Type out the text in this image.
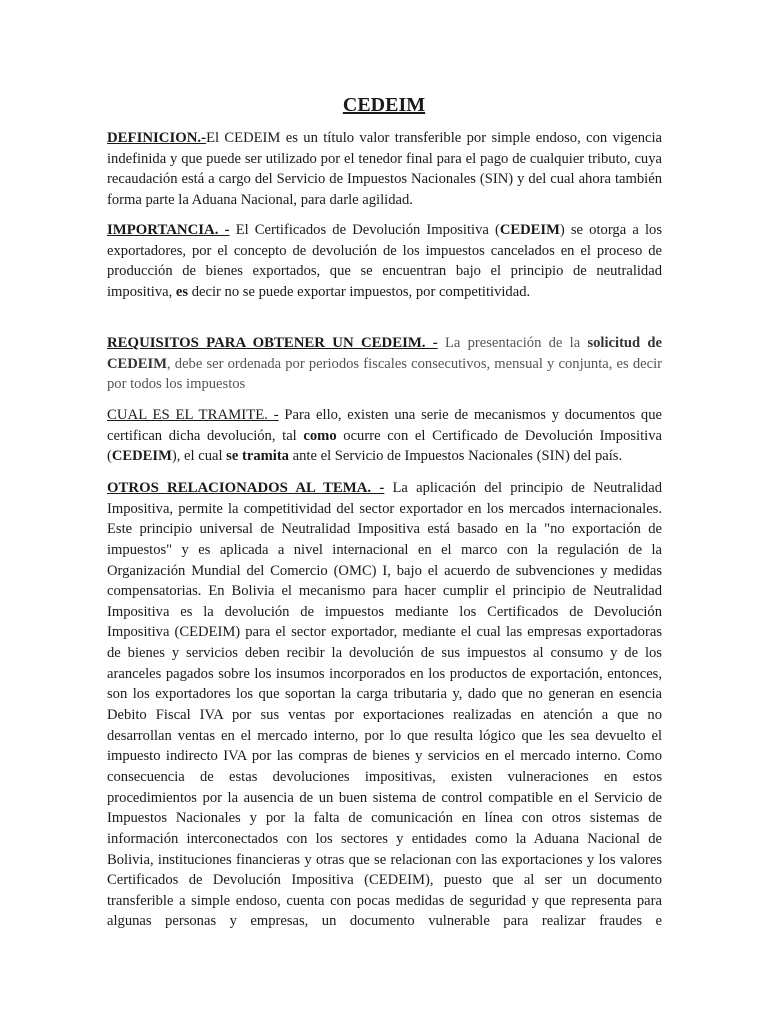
CEDEIM

DEFINICION.-El CEDEIM es un título valor transferible por simple endoso, con vigencia indefinida y que puede ser utilizado por el tenedor final para el pago de cualquier tributo, cuya recaudación está a cargo del Servicio de Impuestos Nacionales (SIN) y del cual ahora también forma parte la Aduana Nacional, para darle agilidad.

IMPORTANCIA. - El Certificados de Devolución Impositiva (CEDEIM) se otorga a los exportadores, por el concepto de devolución de los impuestos cancelados en el proceso de producción de bienes exportados, que se encuentran bajo el principio de neutralidad impositiva, es decir no se puede exportar impuestos, por competitividad.

REQUISITOS PARA OBTENER UN CEDEIM. - La presentación de la solicitud de CEDEIM, debe ser ordenada por periodos fiscales consecutivos, mensual y conjunta, es decir por todos los impuestos

CUAL ES EL TRAMITE. - Para ello, existen una serie de mecanismos y documentos que certifican dicha devolución, tal como ocurre con el Certificado de Devolución Impositiva (CEDEIM), el cual se tramita ante el Servicio de Impuestos Nacionales (SIN) del país.

OTROS RELACIONADOS AL TEMA. - La aplicación del principio de Neutralidad
Impositiva, permite la competitividad del sector exportador en los mercados internacionales.
Este principio universal de Neutralidad Impositiva está basado en la "no exportación de
impuestos" y es aplicada a nivel internacional en el marco con la regulación de la
Organización Mundial del Comercio (OMC) I, bajo el acuerdo de subvenciones y medidas
compensatorias. En Bolivia el mecanismo para hacer cumplir el principio de Neutralidad
Impositiva es la devolución de impuestos mediante los Certificados de Devolución
Impositiva (CEDEIM) para el sector exportador, mediante el cual las empresas exportadoras
de bienes y servicios deben recibir la devolución de sus impuestos al consumo y de los
aranceles pagados sobre los insumos incorporados en los productos de exportación, entonces,
son los exportadores los que soportan la carga tributaria y, dado que no generan en esencia
Debito Fiscal IVA por sus ventas por exportaciones realizadas en atención a que no
desarrollan ventas en el mercado interno, por lo que resulta lógico que les sea devuelto el
impuesto indirecto IVA por las compras de bienes y servicios en el mercado interno. Como
consecuencia de estas devoluciones impositivas, existen vulneraciones en estos
procedimientos por la ausencia de un buen sistema de control compatible en el Servicio de
Impuestos Nacionales y por la falta de comunicación en línea con otros sistemas de
información interconectados con los sectores y entidades como la Aduana Nacional de
Bolivia, instituciones financieras y otras que se relacionan con las exportaciones y los valores
Certificados de Devolución Impositiva (CEDEIM), puesto que al ser un documento
transferible a simple endoso, cuenta con pocas medidas de seguridad y que representa para
algunas personas y empresas, un documento vulnerable para realizar fraudes e
